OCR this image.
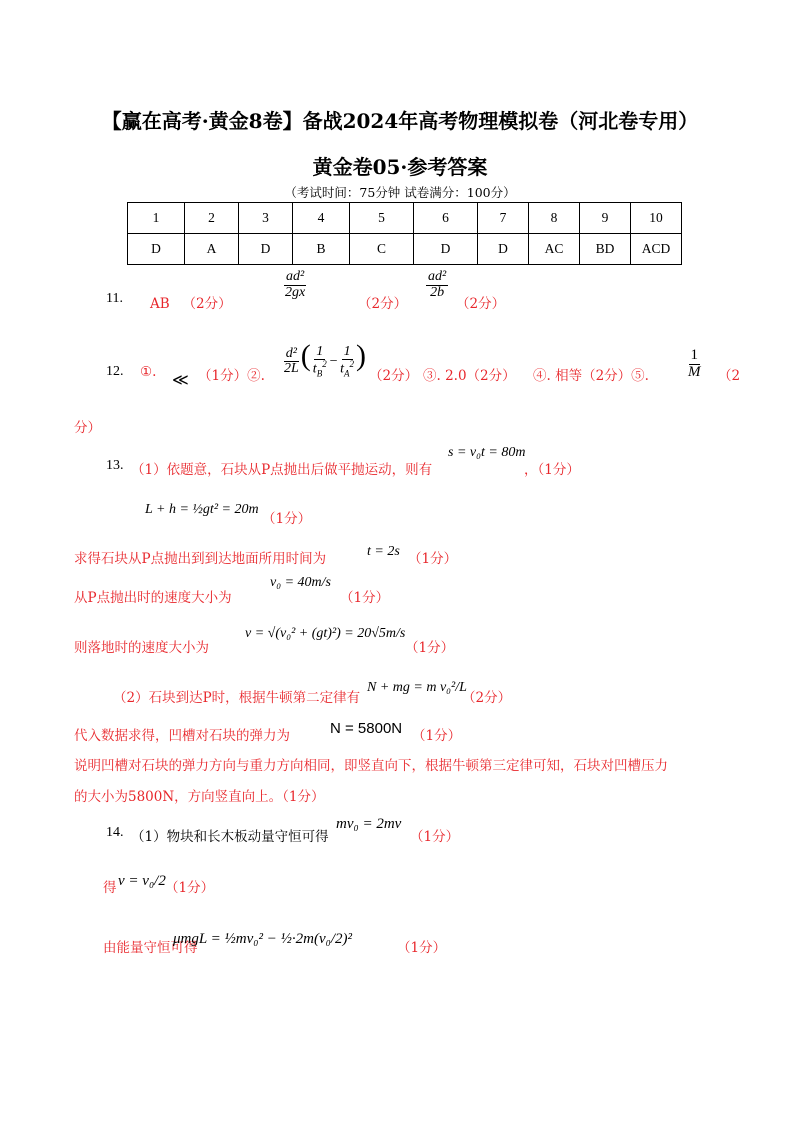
【赢在高考·黄金8卷】备战2024年高考物理模拟卷（河北卷专用）
黄金卷05·参考答案
（考试时间：75分钟 试卷满分：100分）
1	2	3	4	5	6	7	8	9	10
D	A	D	B	C	D	D	AC	BD	ACD
11. AB （2分）
$\frac{\text{ad²}}{2gx}$
（2分）
$\frac{\text{ad²}}{2b}$
（2分）
12. ①. ≪ （1分）②. $\frac{\text{d²}}{2L}$ ( $\frac{1}{t_B^2} - \frac{1}{t_A^2}$ )
（2分） ③. 2.0（2分） ④. 相等（2分）⑤. $\frac{1}{M} (2$
分）
13. （1）依题意，石块从P点抛出后做平抛运动，则有
s = v₀t = 80m
，（1分）
L + h = ½gt² = 20m
（1分）
求得石块从P点抛出到到达地面所用时间为	t = 2s （1分）
从P点抛出时的速度大小为
v₀ = 40m/s
（1分）
则落地时的速度大小为
v = √(v₀² + (gt)²) = 20√5m/s
（1分）
（2）石块到达P时，根据牛顿第二定律有
N + mg = m v₀²/L
（2分）
代入数据求得，凹槽对石块的弹力为	N = 5800N （1分）
说明凹槽对石块的弹力方向与重力方向相同，即竖直向下，根据牛顿第三定律可知，石块对凹槽压力
的大小为5800N，方向竖直向上。（1分）
14. （1）物块和长木板动量守恒可得
mv₀ = 2mv
（1分）
得 v = v₀/2 （1分）
由能量守恒可得
μmgL = ½mv₀² − ½·2m(v₀/2)²
（1分）
